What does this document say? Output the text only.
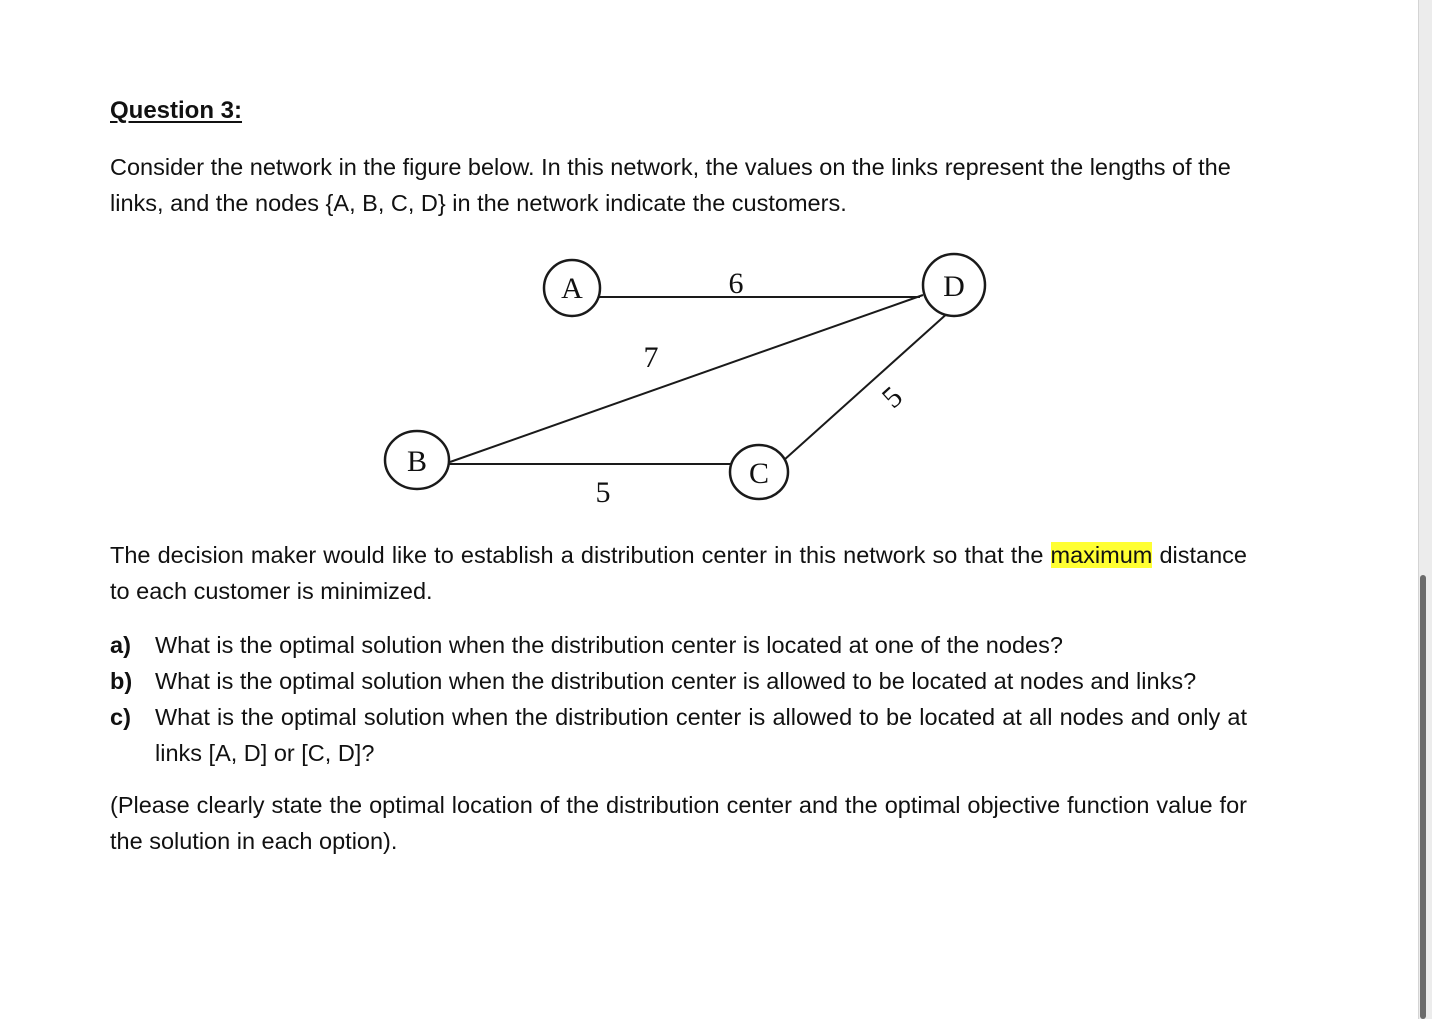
Question 3:

Consider the network in the figure below. In this network, the values on the links represent the lengths of the links, and the nodes {A, B, C, D} in the network indicate the customers.

6
7
5
5
A	D
B	C

The decision maker would like to establish a distribution center in this network so that the maximum distance to each customer is minimized.

a) What is the optimal solution when the distribution center is located at one of the nodes?
b) What is the optimal solution when the distribution center is allowed to be located at nodes and links?
c) What is the optimal solution when the distribution center is allowed to be located at all nodes and only at links [A, D] or [C, D]?

(Please clearly state the optimal location of the distribution center and the optimal objective function value for the solution in each option).
